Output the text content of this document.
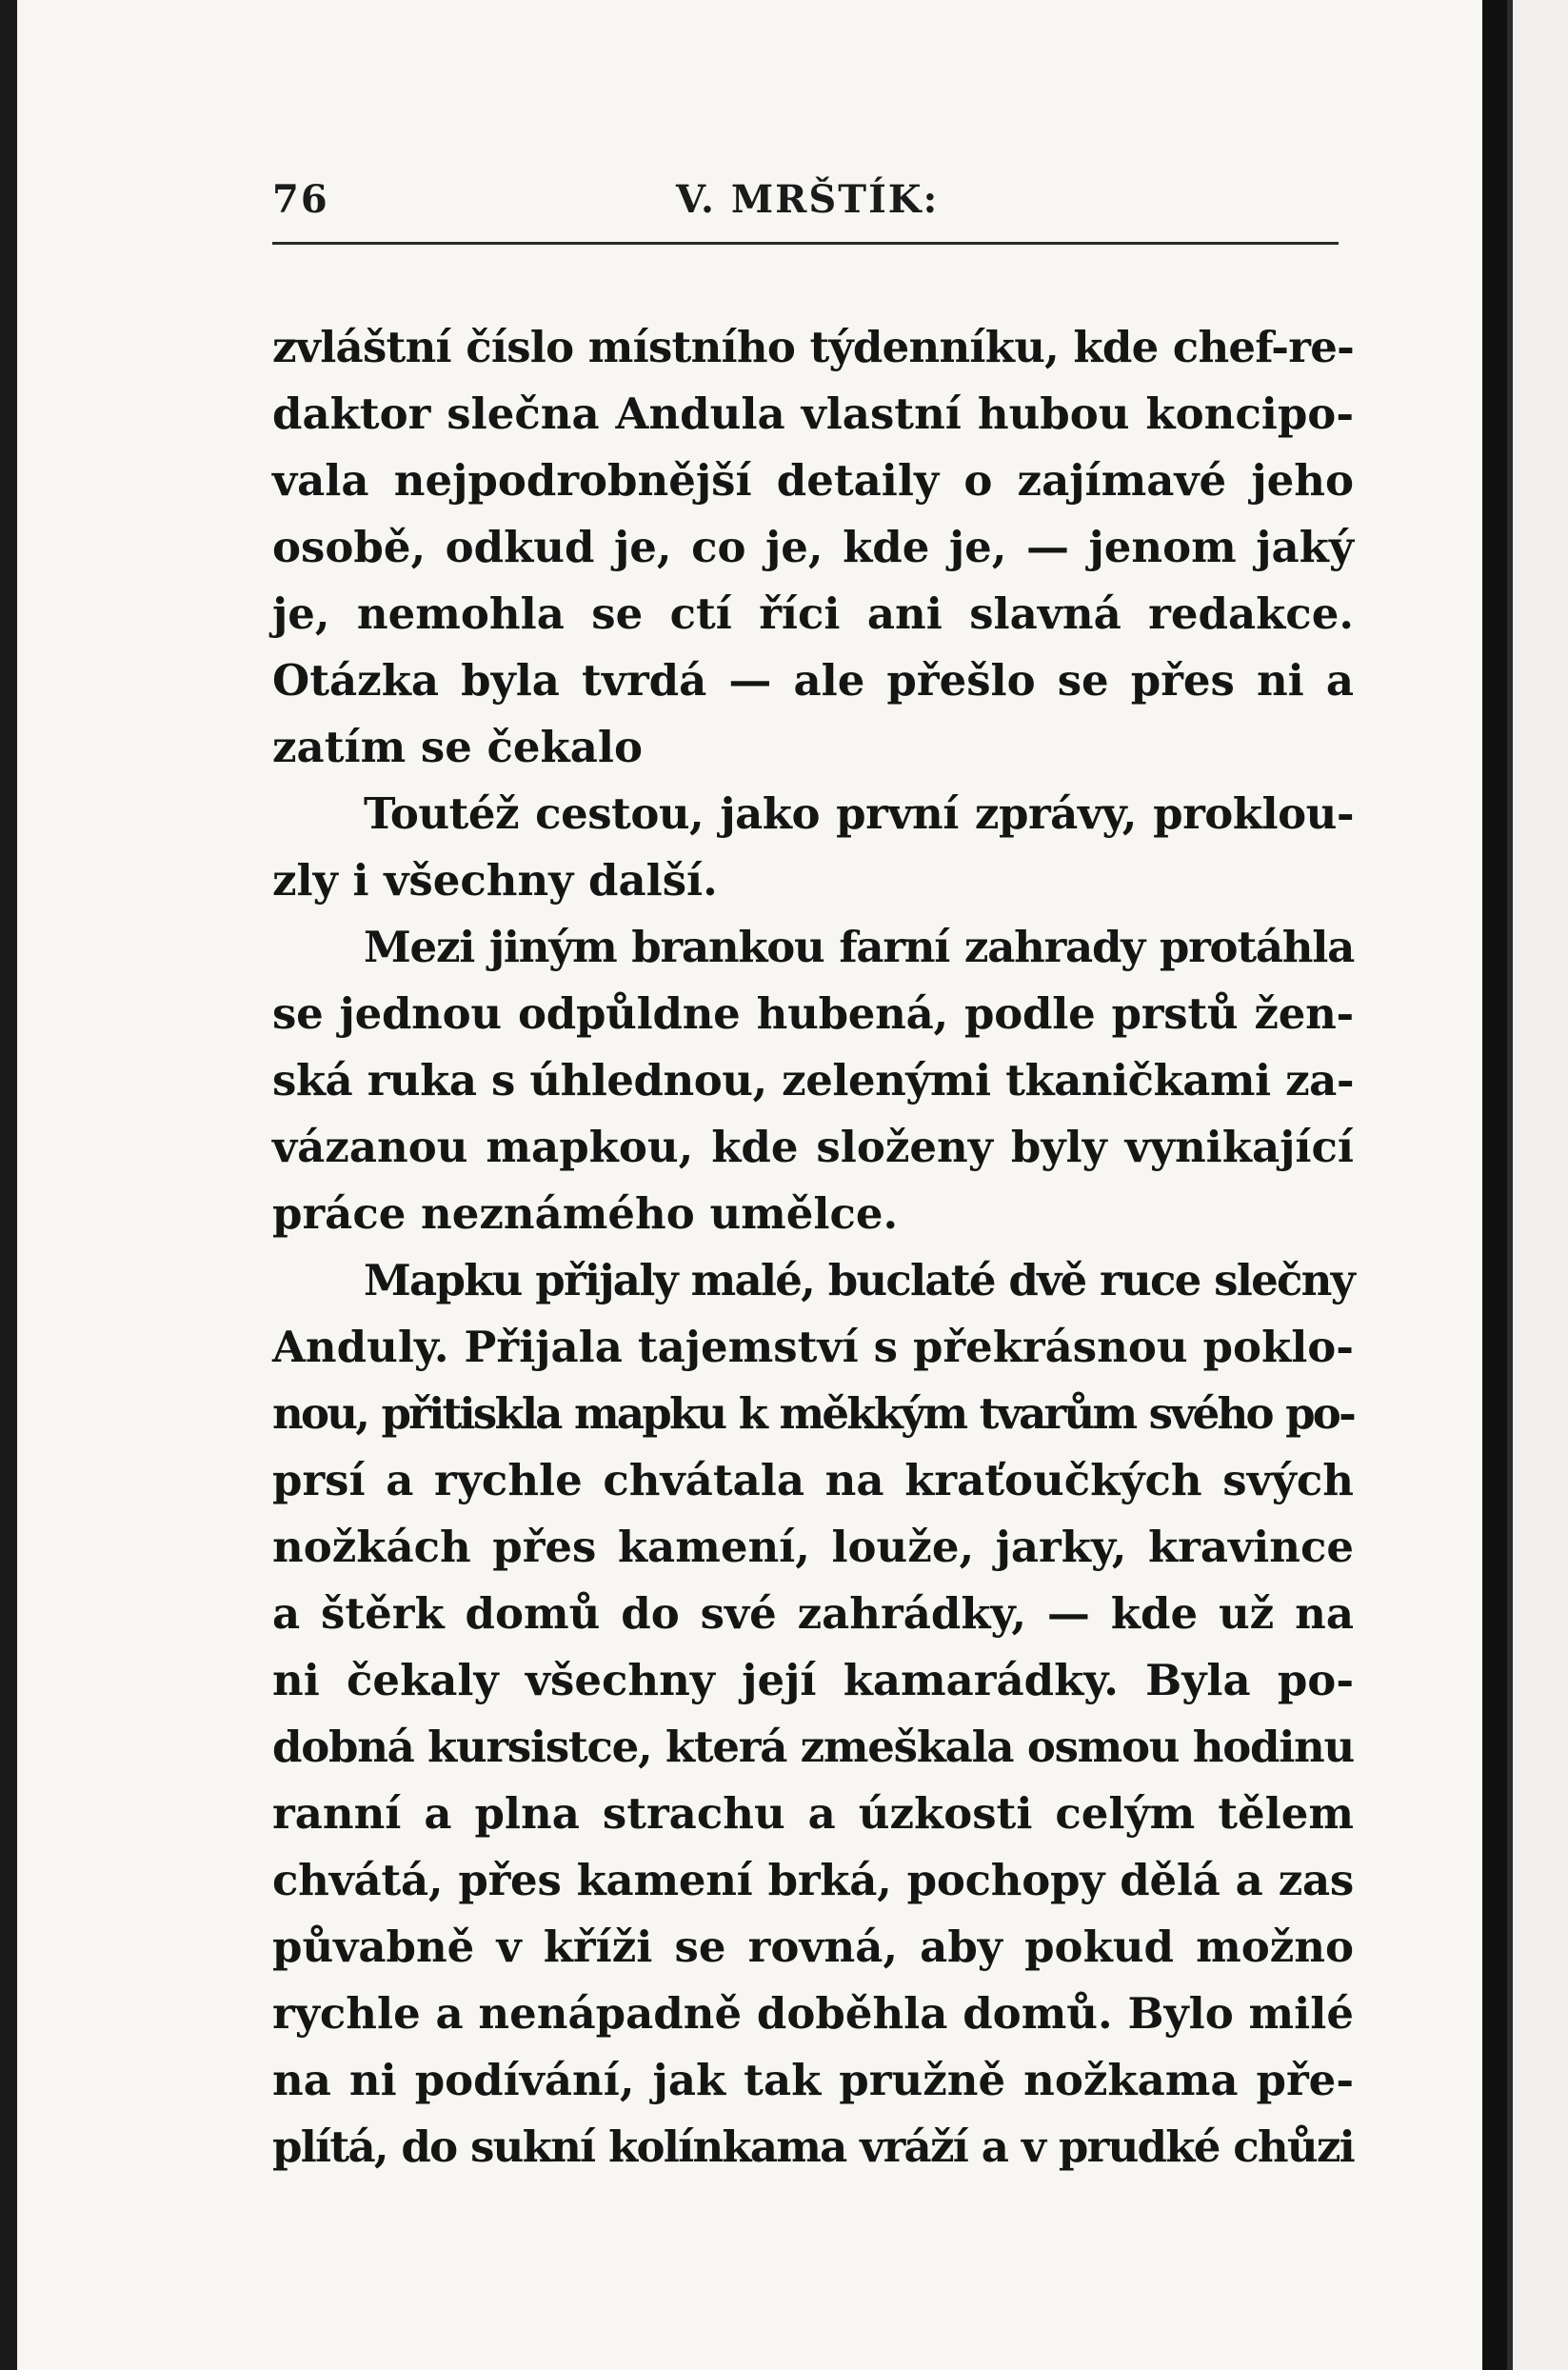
76	V. MRŠTÍK:
zvláštní číslo místního týdenníku, kde chef-re-
daktor slečna Andula vlastní hubou koncipo-
vala nejpodrobnější detaily o zajímavé jeho
osobě, odkud je, co je, kde je, — jenom jaký
je, nemohla se ctí říci ani slavná redakce.
Otázka byla tvrdá — ale přešlo se přes ni a
zatím se čekalo
Toutéž cestou, jako první zprávy, proklou-
zly i všechny další.
Mezi jiným brankou farní zahrady protáhla
se jednou odpůldne hubená, podle prstů žen-
ská ruka s úhlednou, zelenými tkaničkami za-
vázanou mapkou, kde složeny byly vynikající
práce neznámého umělce.
Mapku přijaly malé, buclaté dvě ruce slečny
Anduly. Přijala tajemství s překrásnou poklo-
nou, přitiskla mapku k měkkým tvarům svého po-
prsí a rychle chvátala na kraťoučkých svých
nožkách přes kamení, louže, jarky, kravince
a štěrk domů do své zahrádky, — kde už na
ni čekaly všechny její kamarádky. Byla po-
dobná kursistce, která zmeškala osmou hodinu
ranní a plna strachu a úzkosti celým tělem
chvátá, přes kamení brká, pochopy dělá a zas
půvabně v kříži se rovná, aby pokud možno
rychle a nenápadně doběhla domů. Bylo milé
na ni podívání, jak tak pružně nožkama pře-
plítá, do sukní kolínkama vráží a v prudké chůzi
